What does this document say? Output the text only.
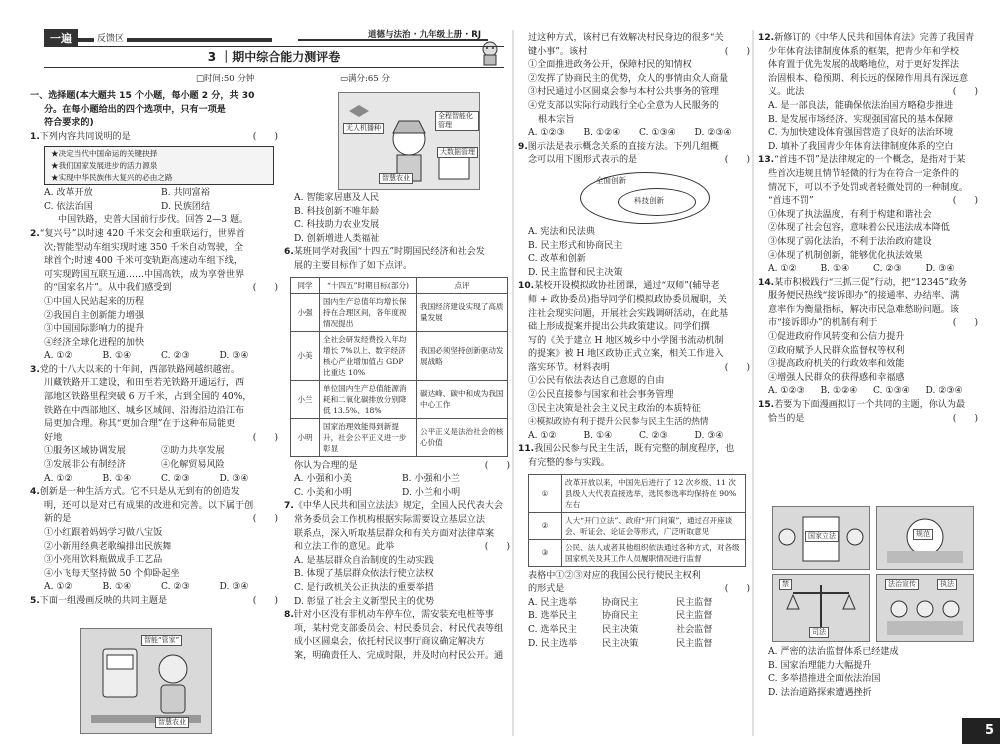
一遍	反馈区	道德与法治 · 九年级上册 · RJ
3 ｜期中综合能力测评卷
□时间:50 分钟	▭满分:65 分

一、选择题(本大题共 15 个小题，每小题 2 分，共 30

分。在每小题给出的四个选项中，只有一项是

符合要求的)

1.下列内容共同说明的是	(　　)

★决定当代中国命运的关键抉择

★我们国家发展进步的活力源泉

★实现中华民族伟大复兴的必由之路

A. 改革开放	B. 共同富裕
C. 依法治国	D. 民族团结

中国铁路，史普大国前行步伐。回答 2—3 题。

2.“复兴号”以时速 420 千米交会和重联运行，世界首

次;智能型动车组实现时速 350 千米自动驾驶，全

球首个;时速 400 千米可变轨距高速动车组下线，

可实现跨国互联互通……中国高铁，成为享誉世界

的“国家名片”。从中我们感受到	(　　)

①中国人民站起来的历程

②我国自主创新能力增强

③中国国际影响力的提升

④经济全球化进程的加快

A. ①②	B. ①④	C. ②③	D. ③④

3.党的十八大以来的十年间，西部铁路网越织越密。

川藏铁路开工建设，和田至若羌铁路开通运行，西

部地区铁路里程突破 6 万千米，占到全国的 40%，

铁路在中西部地区、城乡区域间、沿海沿边沿江布

局更加合理。称其“更加合理”在于这种布局能更

好地	(　　)

①服务区域协调发展	②助力共享发展
③发展非公有制经济	④化解贸易风险
A. ①②	B. ①④	C. ②③	D. ③④

4.创新是一种生活方式。它不只是从无到有的创造发

明，还可以是对已有成果的改进和完善。以下属于创

新的是	(　　)

①小红跟着妈妈学习做八宝饭

②小新用经典老歌编排出民族舞

③小亮用饮料瓶做成手工艺品

④小飞每天坚持做 50 个仰卧起坐

A. ①②	B. ①④	C. ②③	D. ③④

5.下面一组漫画反映的共同主题是	(　　)

智能“管家”
智慧农业
无人机播种
全程智能化管理
智慧农业
大数据管理

A. 智能家居惠及人民

B. 科技创新不唯年龄

C. 科技助力农业发展

D. 创新增进人类福祉

6.某班同学对我国“十四五”时期国民经济和社会发

展的主要目标作了如下点评。

同学	“十四五”时期目标(部分)	点评
小强	国内生产总值年均增长保持在合理区间，各年度视情况提出	我国经济建设实现了高质量发展
小美	全社会研发经费投入年均增长 7%以上、数字经济核心产业增加值占 GDP 比重达 10%	我国必须坚持创新驱动发展战略
小兰	单位国内生产总值能源消耗和二氧化碳排放分别降低 13.5%、18%	碳达峰、碳中和成为我国中心工作
小明	国家治理效能得到新提升，社会公平正义进一步彰显	公平正义是法治社会的核心价值

你认为合理的是	(　　)

A. 小强和小美	B. 小强和小兰
C. 小美和小明	D. 小兰和小明

7.《中华人民共和国立法法》规定，全国人民代表大会

常务委员会工作机构根据实际需要设立基层立法

联系点，深入听取基层群众和有关方面对法律草案

和立法工作的意见。此举	(　　)

A. 是基层群众自治制度的生动实践

B. 体现了基层群众依法行使立法权

C. 是行政机关公正执法的重要举措

D. 彰显了社会主义新型民主的优势

8.针对小区没有非机动车停车位，需安装充电桩等事

项，某村党支部委员会、村民委员会、村民代表等组

成小区圆桌会，依托村民议事厅商议确定解决方

案，明确责任人、完成时限，并及时向村民公开。通

过这种方式，该村已有效解决村民身边的很多“关

键小事”。该村	(　　)

①全面推进政务公开，保障村民的知情权

②发挥了协商民主的优势，众人的事情由众人商量

③村民通过小区圆桌会参与本村公共事务的管理

④党支部以实际行动践行全心全意为人民服务的

根本宗旨

A. ①②③	B. ①②④	C. ①③④	D. ②③④

9.图示法是表示概念关系的直接方法。下列几组概

念可以用下图形式表示的是	(　　)

全面创新
科技创新

A. 宪法和民法典

B. 民主形式和协商民主

C. 改革和创新

D. 民主监督和民主决策

10.某校开设模拟政协社团课，通过“双师”(辅导老

师 + 政协委员)指导同学们模拟政协委员履职，关

注社会现实问题，开展社会实践调研活动，在此基

础上形成提案并提出公共政策建议。同学们撰

写的《关于建立 H 地区城乡中小学图书流动机制

的提案》被 H 地区政协正式立案，相关工作进入

落实环节。材料表明	(　　)

①公民有依法表达自己意愿的自由

②公民直接参与国家和社会事务管理

③民主决策是社会主义民主政治的本质特征

④模拟政协有利于提升公民参与民主生活的热情

A. ①②	B. ①④	C. ②③	D. ③④

11.我国公民参与民主生活，既有完整的制度程序，也

有完整的参与实践。

①	改革开放以来，中国先后进行了 12 次乡级、11 次县级人大代表直接选举，选民参选率均保持在 90% 左右
②	人大“开门立法”、政府“开门问策”，通过召开座谈会、听证会、论证会等形式，广泛听取意见
③	公民、法人或者其他组织依法通过各种方式，对各级国家机关及其工作人员履职情况进行监督

表格中①②③对应的我国公民行使民主权利

的形式是	(　　)

A. 民主选举	协商民主	民主监督
B. 选举民主	协商民主	民主监督
C. 选举民主	民主决策	社会监督
D. 民主选举	民主决策	民主监督

12.新修订的《中华人民共和国体育法》完善了我国青

少年体育法律制度体系的框架，把青少年和学校

体育置于优先发展的战略地位，对于更好发挥法

治固根本、稳预期、利长远的保障作用具有深远意

义。此法	(　　)

A. 是一部良法，能确保依法治国方略稳步推进

B. 是发展市场经济、实现强国富民的基本保障

C. 为加快建设体育强国营造了良好的法治环境

D. 填补了我国青少年体育法律制度体系的空白

13.“首违不罚”是法律规定的一个概念，是指对于某

些首次违规且情节轻微的行为在符合一定条件的

情况下，可以不予处罚或者轻微处罚的一种制度。

“首违不罚”	(　　)

①体现了执法温度，有利于构建和谐社会

②体现了社会包容，意味着公民违法成本降低

③体现了弱化法治，不利于法治政府建设

④体现了机制创新，能够优化执法效果

A. ①②	B. ①④	C. ②③	D. ③④

14.某市积极践行“三抓三促”行动，把“12345”政务

服务便民热线“接诉即办”的接通率、办结率、满

意率作为衡量指标，解决市民急难愁盼问题。该

市“接诉即办”的机制有利于	(　　)

①促进政府作风转变和公信力提升

②政府赋予人民群众监督权等权利

③提高政府机关的行政效率和效能

④增强人民群众的获得感和幸福感

A. ①②③	B. ①②④	C. ①③④	D. ②③④

15.若要为下面漫画拟订一个共同的主题，你认为最

恰当的是	(　　)

国家立法	规范
禁
司法
法治宣传	执法

A. 严密的法治监督体系已经建成

B. 国家治理能力大幅提升

C. 多举措推进全面依法治国

D. 法治道路探索遭遇挫折

5
